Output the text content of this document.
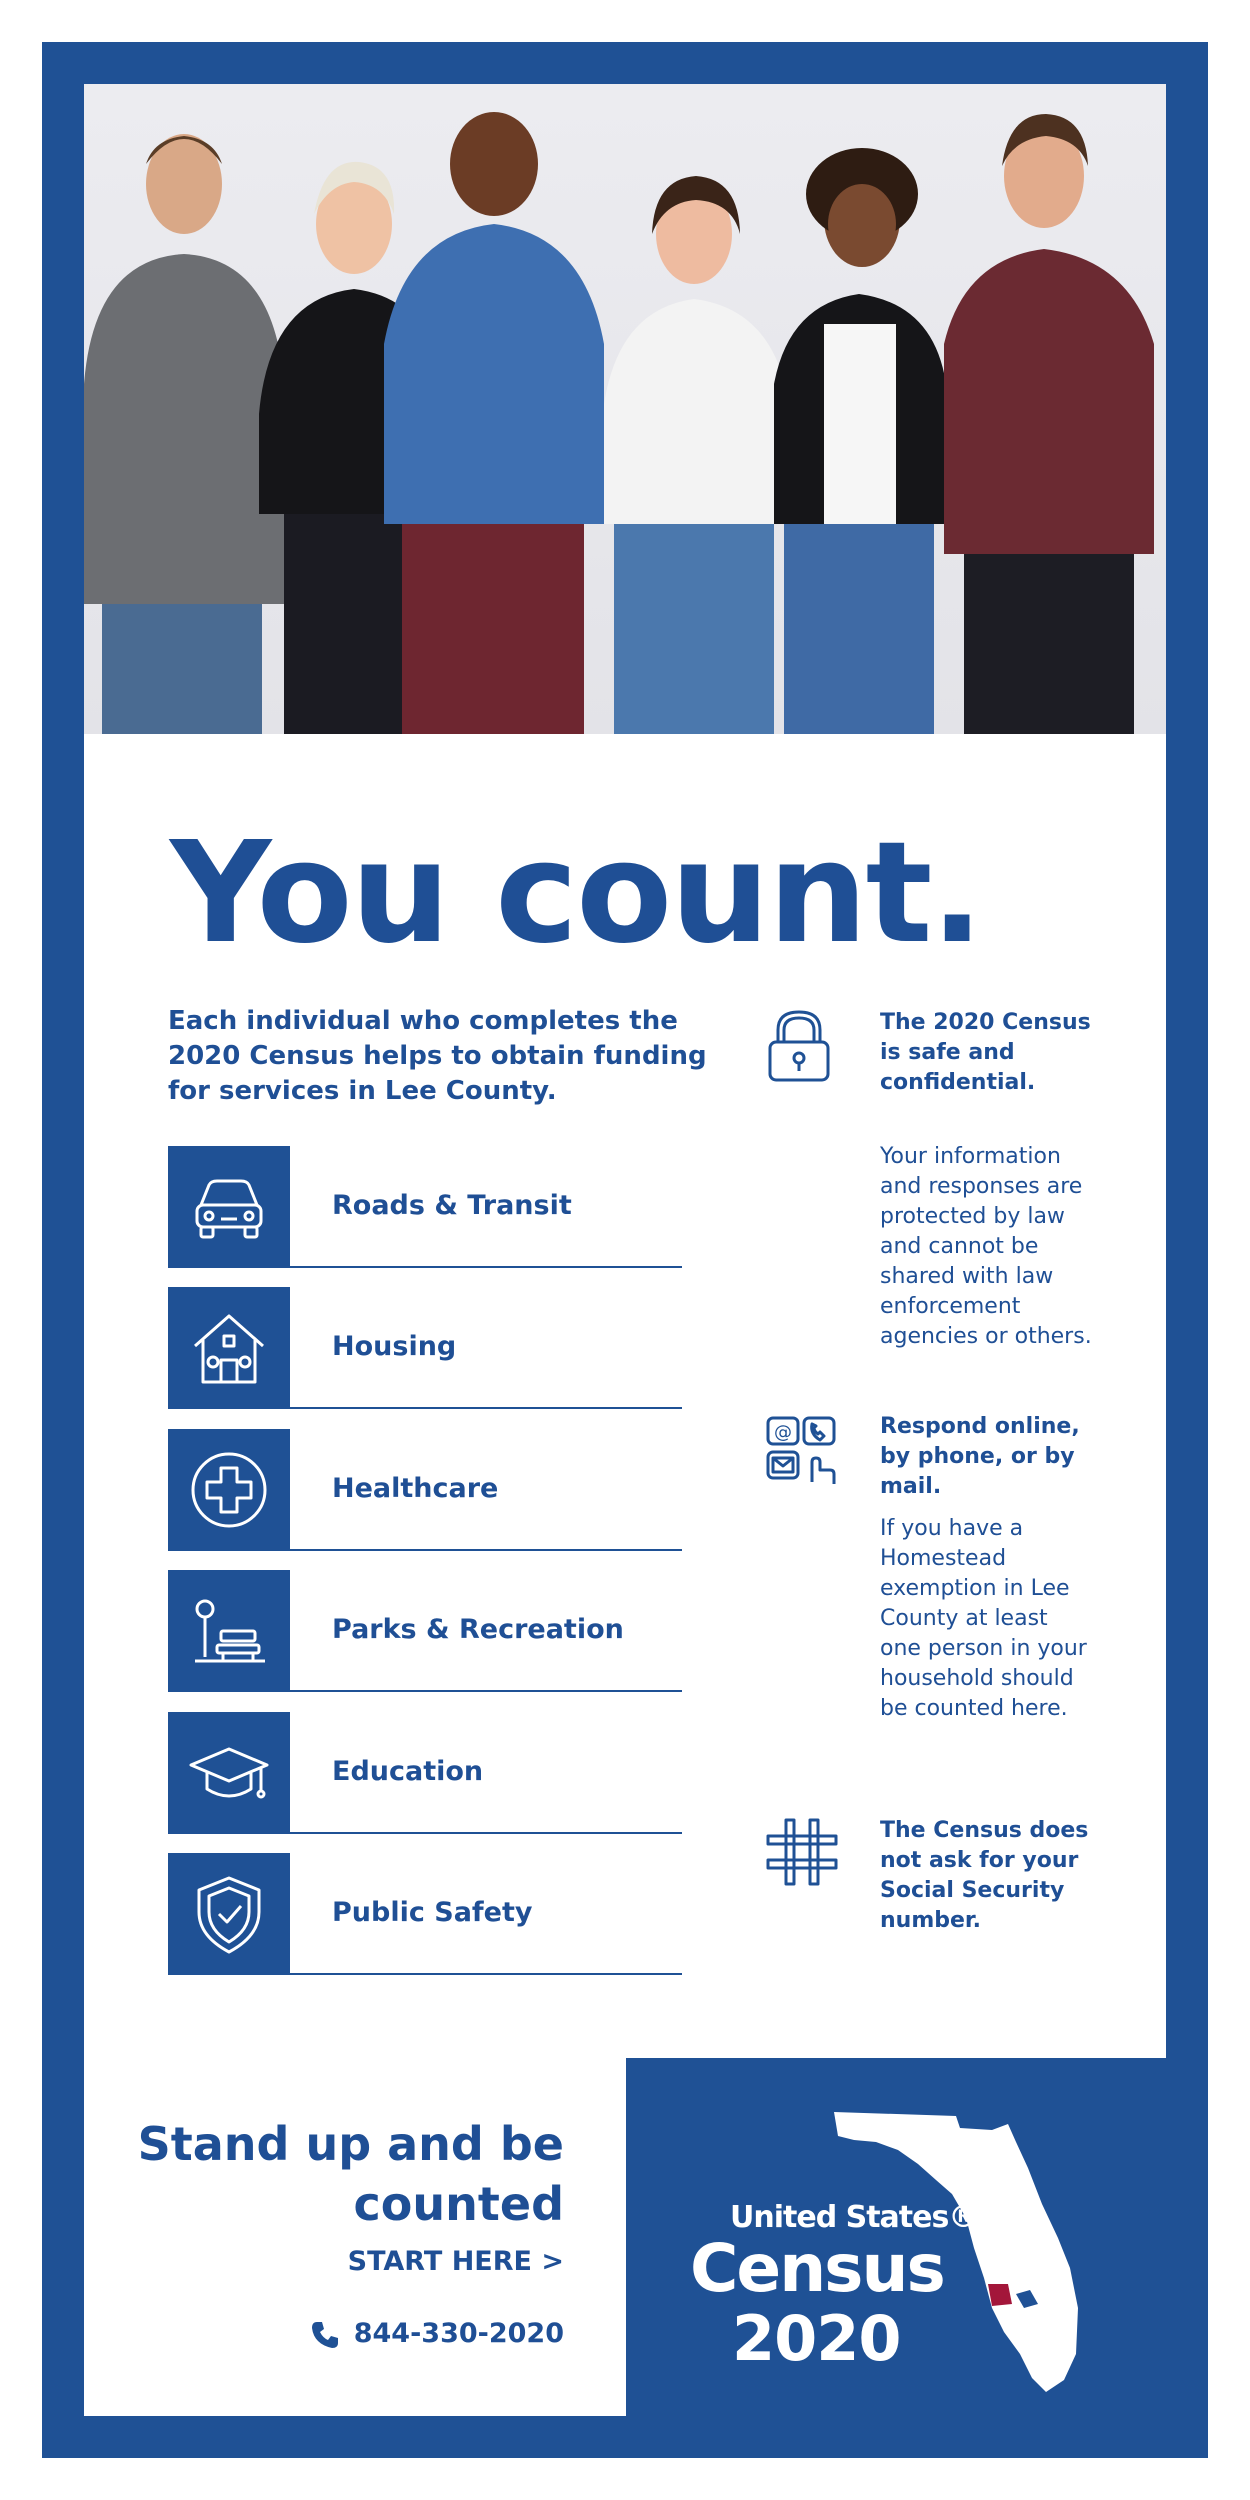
You count.
Each individual who completes the 2020 Census helps to obtain funding for services in Lee County.
Roads & Transit
Housing
Healthcare
Parks & Recreation
Education
Public Safety
The 2020 Census is safe and confidential.
Your information and responses are protected by law and cannot be shared with law enforcement agencies or others.
@	Respond online, by phone, or by mail.
If you have a Homestead exemption in Lee County at least one person in your household should be counted here.
The Census does not ask for your Social Security number.
Stand up and be counted
START HERE >
844-330-2020
United States®
Census
2020
